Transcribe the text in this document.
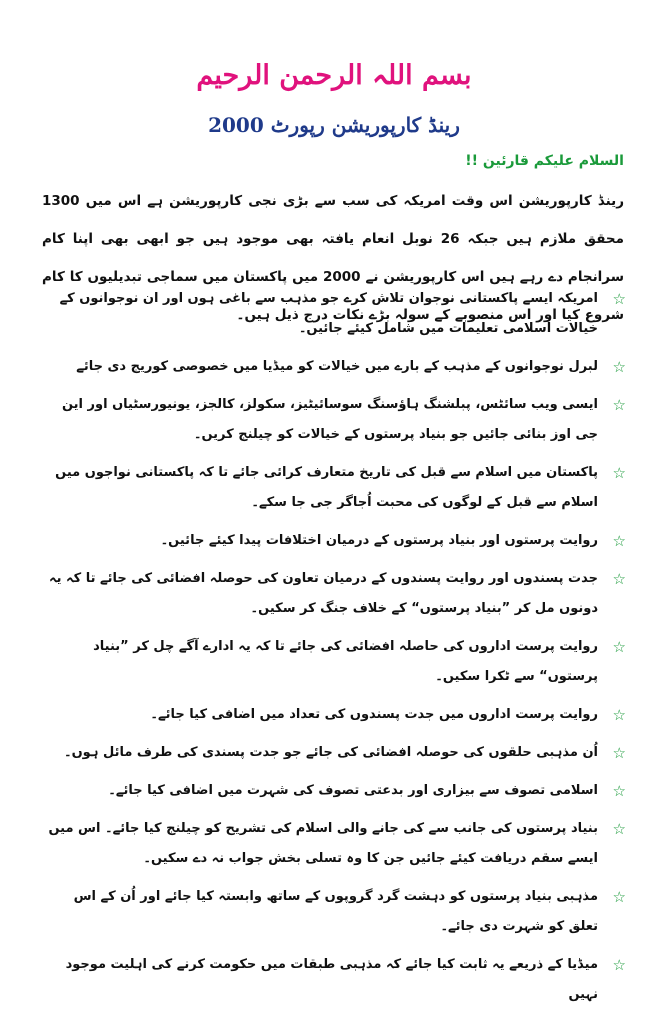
بسم اللہ الرحمن الرحیم
رینڈ کارپوریشن رپورٹ 2000
السلام علیکم قارئین !!

رینڈ کارپوریشن اس وقت امریکہ کی سب سے بڑی نجی کارپوریشن ہے اس میں 1300 محقق ملازم ہیں جبکہ 26 نوبل انعام یافتہ بھی موجود ہیں جو ابھی بھی اپنا کام سرانجام دے رہے ہیں اس کارپوریشن نے 2000 میں پاکستان میں سماجی تبدیلیوں کا کام شروع کیا اور اس منصوبے کے سولہ بڑے نکات درج ذیل ہیں۔

☆
امریکہ ایسے پاکستانی نوجوان تلاش کرے جو مذہب سے باغی ہوں اور ان نوجوانوں کے خیالات اسلامی تعلیمات میں شامل کیئے جائیں۔
☆
لبرل نوجوانوں کے مذہب کے بارے میں خیالات کو میڈیا میں خصوصی کوریج دی جائے
☆
ایسی ویب سائٹس، پبلشنگ ہاؤسنگ سوسائیٹیز، سکولز، کالجز، یونیورسٹیاں اور این جی اوز بنائی جائیں جو بنیاد پرستوں کے خیالات کو چیلنج کریں۔
☆
پاکستان میں اسلام سے قبل کی تاریخ متعارف کرائی جائے تا کہ پاکستانی نواجوں میں اسلام سے قبل کے لوگوں کی محبت اُجاگر جی جا سکے۔
☆
روایت پرستوں اور بنیاد پرستوں کے درمیان اختلافات پیدا کیئے جائیں۔
☆
جدت پسندوں اور روایت پسندوں کے درمیان تعاون کی حوصلہ افضائی کی جائے تا کہ یہ دونوں مل کر ”بنیاد پرستوں“ کے خلاف جنگ کر سکیں۔
☆
روایت پرست اداروں کی حاصلہ افضائی کی جائے تا کہ یہ ادارے آگے چل کر ”بنیاد پرستوں“ سے ٹکرا سکیں۔
☆
روایت پرست اداروں میں جدت پسندوں کی تعداد میں اضافی کیا جائے۔
☆
اُن مذہبی حلقوں کی حوصلہ افضائی کی جائے جو جدت پسندی کی طرف مائل ہوں۔
☆
اسلامی تصوف سے بیزاری اور بدعتی تصوف کی شہرت میں اضافی کیا جائے۔
☆
بنیاد پرستوں کی جانب سے کی جانے والی اسلام کی تشریح کو چیلنج کیا جائے۔ اس میں ایسے سقم دریافت کیئے جائیں جن کا وہ تسلی بخش جواب نہ دے سکیں۔
☆
مذہبی بنیاد پرستوں کو دہشت گرد گروپوں کے ساتھ وابستہ کیا جائے اور اُن کے اس تعلق کو شہرت دی جائے۔
☆
میڈیا کے ذریعے یہ ثابت کیا جائے کہ مذہبی طبقات میں حکومت کرنے کی اہلیت موجود نہیں
